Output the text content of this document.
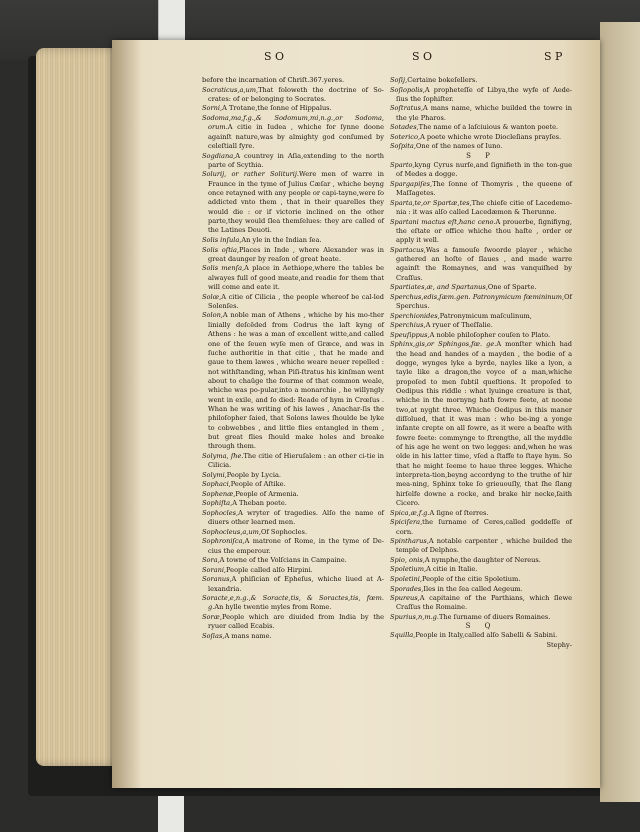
S O	S O	S P

before the incarnation of Chriſt.367.yeres.

Socraticus,a,um,That foloweth the doctrine of So-crates: of or belonging to Socrates.

Sorni,A Trotane,the ſonne of Hippalus.

Sodoma,ma,f.g.,& Sodomum,mi,n.g.,or Sodoma, orum.A citie in Iudea , whiche for ſynne doone againſt nature,was by almighty god conſumed by celeſtiall fyre.

Sogdiana,A countrey in Aſia,extending to the north parte of Scythia.

Solurij, or rather Soliturij.Were men of warre in Fraunce in the tyme of Julius Cæſar , whiche beyng once retayned with any people or capi-tayne,were ſo addicted vnto them , that in their quarelles they would die : or if victorie inclined on the other parte,they would ſlea themſelues: they are called of the Latines Deuoti.

Solis inſula,An yle in the Indian ſea.

Solis oſtia,Places in Inde , where Alexander was in great daunger by reaſon of great heate.

Solis menſa,A place in Aethiope,where the tables be alwayes full of good meate,and readie for them that will come and eate it.

Solœ,A citie of Cilicia , the people whereof be cal-led Solenſes.

Solon,A noble man of Athens , whiche by his mo-ther linially deſcēded from Codrus the laſt kyng of Athens : he was a man of excellent witte,and called one of the ſeuen wyſe men of Græce, and was in ſuche authoritie in that citie , that he made and gaue to them lawes , whiche weare neuer repelled : not withſtanding, whan Piſi-ſtratus his kinſman went about to chaūge the fourme of that common weale, whiche was po-pular,into a monarchie , he willyngly went in exile, and ſo died: Reade of hym in Crœſus . Whan he was writing of his lawes , Anachar-ſis the philoſopher ſaied, that Solons lawes ſhoulde be lyke to cobwebbes , and little flies entangled in them , but great flies ſhould make holes and breake through them.

Solyma, ſhe.The citie of Hieruſalem : an other ci-tie in Cilicia.

Solymi,People by Lycia.

Sophaci,People of Aſtike.

Sophenæ,People of Armenia.

Sophiſta,A Theban poete.

Sophocles,A wryter of tragedies. Alſo the name of diuers other learned men.

Sophocleus,a,um,Of Sophocles.

Sophroniſca,A matrone of Rome, in the tyme of De-cius the emperour.

Sora,A towne of the Volſcians in Campaine.

Sorani,People called alſo Hirpini.

Soranus,A phiſician of Epheſus, whiche liued at A-lexandria.

Soracte,e,n.g.,& Soracte,tis, & Soractes,tis, fœm. g.An hylle twentie myles from Rome.

Soræ,People which are diuided from India by the ryuer called Ecabis.

Soſias,A mans name.

Soſij,Certaine bokeſellers.

Soſiopolis,A propheteſſe of Libya,the wyfe of Aede-ſius the ſophiſter.

Soſtratus,A mans name, whiche builded the towre in the yle Pharos.

Sotades,The name of a laſciuious & wanton poete.

Soterico,A poete whiche wrote Diocleſians prayſes.

Soſpita,One of the names of Iuno.

S P

Sparto,kyng Cyrus nurſe,and ſignifieth in the ton-gue of Medes a dogge.

Spargapiſes,The ſonne of Thomyris , the queene of Maſſagetes.

Sparta,te,or Spartæ,tes,The chiefe citie of Lacedemo-nia : it was alſo called Lacedæmon & Therunne.

Spartani mactus eſt,hanc ceno.A prouerbe, ſignifiyng, the eſtate or office whiche thou haſte , order or apply it well.

Spartacus,Was a famouſe ſwoorde player , whiche gathered an hoſte of ſlaues , and made warre againſt the Romaynes, and was vanquiſhed by Craſſus.

Spartiates,æ, and Spartanus,One of Sparte.

Sperchus,edis,ſæm.gen. Patronymicum fœmininum,Of Sperchus.

Sperchionides,Patronymicum maſculinum,

Sperchius,A ryuer of Theſſalie.

Speuſippus,A noble philoſopher couſen to Plato.

Sphinx,gis,or Sphingos,fœ. ge.A monſter which had the head and handes of a mayden , the bodie of a dogge, wynges lyke a byrde, nayles like a lyon, a tayle like a dragon,the voyce of a man,whiche propoſed to men ſubtil queſtions. It propoſed to Oedipus this riddle : what lyuinge creature is that, whiche in the mornyng hath fowre feete, at noone two,at nyght three. Whiche Oedipus in this maner diſſolued, that it was man : who be-ing a yonge infante crepte on all fowre, as it were a beaſte with fowre feete: commynge to ſtrengthe, all the myddle of his age he went on two legges: and,when he was olde in his latter time, vſed a ſtaffe to ſtaye hym. So that he might ſeeme to haue three legges. Whiche interpreta-tion,beyng accordyng to the truthe of hir mea-ning, Sphinx toke ſo grieuouſly, that ſhe ſlang hirſelfe downe a rocke, and brake hir necke,ſaith Cicero.

Spica,æ,f.g.A ſigne of ſterres.

Spiciſera,the ſurname of Ceres,called goddeſſe of corn.

Spintharus,A notable carpenter , whiche builded the temple of Delphos.

Spio, onis,A nymphe,the daughter of Nereus.

Spoletium,A citie in Italie.

Spoletini,People of the citie Spoletium.

Sporades,Iles in the ſea called Aegeum.

Spureus,A capitaine of the Parthians, which ſlewe Craſſus the Romaine.

Spurius,n,m.g.The ſurname of diuers Romaines.

S Q

Squilla,People in Italy,called alſo Sabelli & Sabini.

Stephy-
